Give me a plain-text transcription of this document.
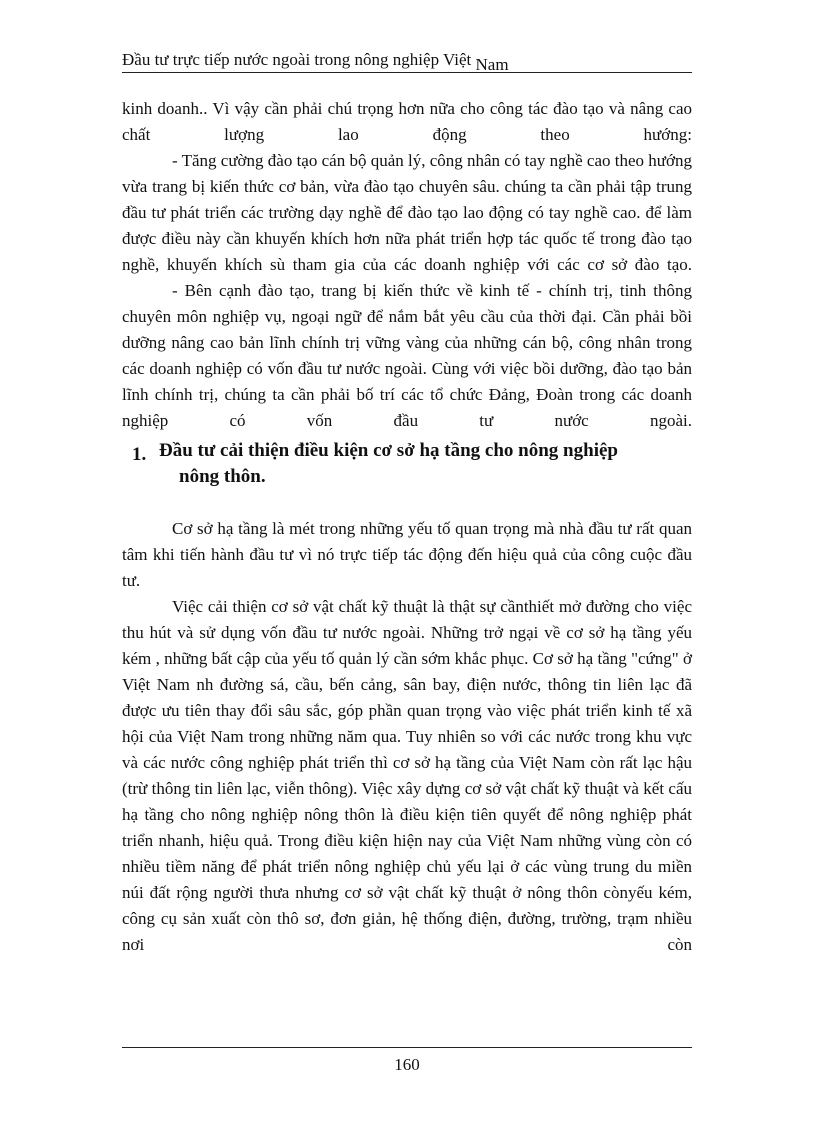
Đầu tư trực tiếp nước ngoài trong nông nghiệp Việt Nam

kinh doanh.. Vì vậy cần phải chú trọng hơn nữa cho công tác đào tạo và nâng cao chất lượng lao động theo hướng:

- Tăng cường đào tạo cán bộ quản lý, công nhân có tay nghề cao theo hướng vừa trang bị kiến thức cơ bản, vừa đào tạo chuyên sâu. chúng ta cần phải tập trung đầu tư phát triển các trường dạy nghề để đào tạo lao động có tay nghề cao. để làm được điều này cần khuyến khích hơn nữa phát triển hợp tác quốc tế trong đào tạo nghề, khuyến khích sù tham gia của các doanh nghiệp với các cơ sở đào tạo.

- Bên cạnh đào tạo, trang bị kiến thức về kinh tế - chính trị, tinh thông chuyên môn nghiệp vụ, ngoại ngữ để nắm bắt yêu cầu của thời đại. Cần phải bồi dưỡng nâng cao bản lĩnh chính trị vững vàng của những cán bộ, công nhân trong các doanh nghiệp có vốn đầu tư nước ngoài. Cùng với việc bồi dưỡng, đào tạo bản lĩnh chính trị, chúng ta cần phải bố trí các tổ chức Đảng, Đoàn trong các doanh nghiệp có vốn đầu tư nước ngoài.

1. Đầu tư cải thiện điều kiện cơ sở hạ tầng cho nông nghiệp
nông thôn.

Cơ sở hạ tầng là mét trong những yếu tố quan trọng mà nhà đầu tư rất quan tâm khi tiến hành đầu tư vì nó trực tiếp tác động đến hiệu quả của công cuộc đầu tư.

Việc cải thiện cơ sở vật chất kỹ thuật là thật sự cầnthiết mở đường cho việc thu hút và sử dụng vốn đầu tư nước ngoài. Những trở ngại về cơ sở hạ tầng yếu kém , những bất cập của yếu tố quản lý cần sớm khắc phục. Cơ sở hạ tầng "cứng" ở Việt Nam nh đường sá, cầu, bến cảng, sân bay, điện nước, thông tin liên lạc đã được ưu tiên thay đổi sâu sắc, góp phần quan trọng vào việc phát triển kinh tế xã hội của Việt Nam trong những năm qua. Tuy nhiên so với các nước trong khu vực và các nước công nghiệp phát triển thì cơ sở hạ tầng của Việt Nam còn rất lạc hậu (trừ thông tin liên lạc, viễn thông). Việc xây dựng cơ sở vật chất kỹ thuật và kết cấu hạ tầng cho nông nghiệp nông thôn là điều kiện tiên quyết để nông nghiệp phát triển nhanh, hiệu quả. Trong điều kiện hiện nay của Việt Nam những vùng còn có nhiều tiềm năng để phát triển nông nghiệp chủ yếu lại ở các vùng trung du miền núi đất rộng người thưa nhưng cơ sở vật chất kỹ thuật ở nông thôn cònyếu kém, công cụ sản xuất còn thô sơ, đơn giản, hệ thống điện, đường, trường, trạm nhiều nơi còn

160
